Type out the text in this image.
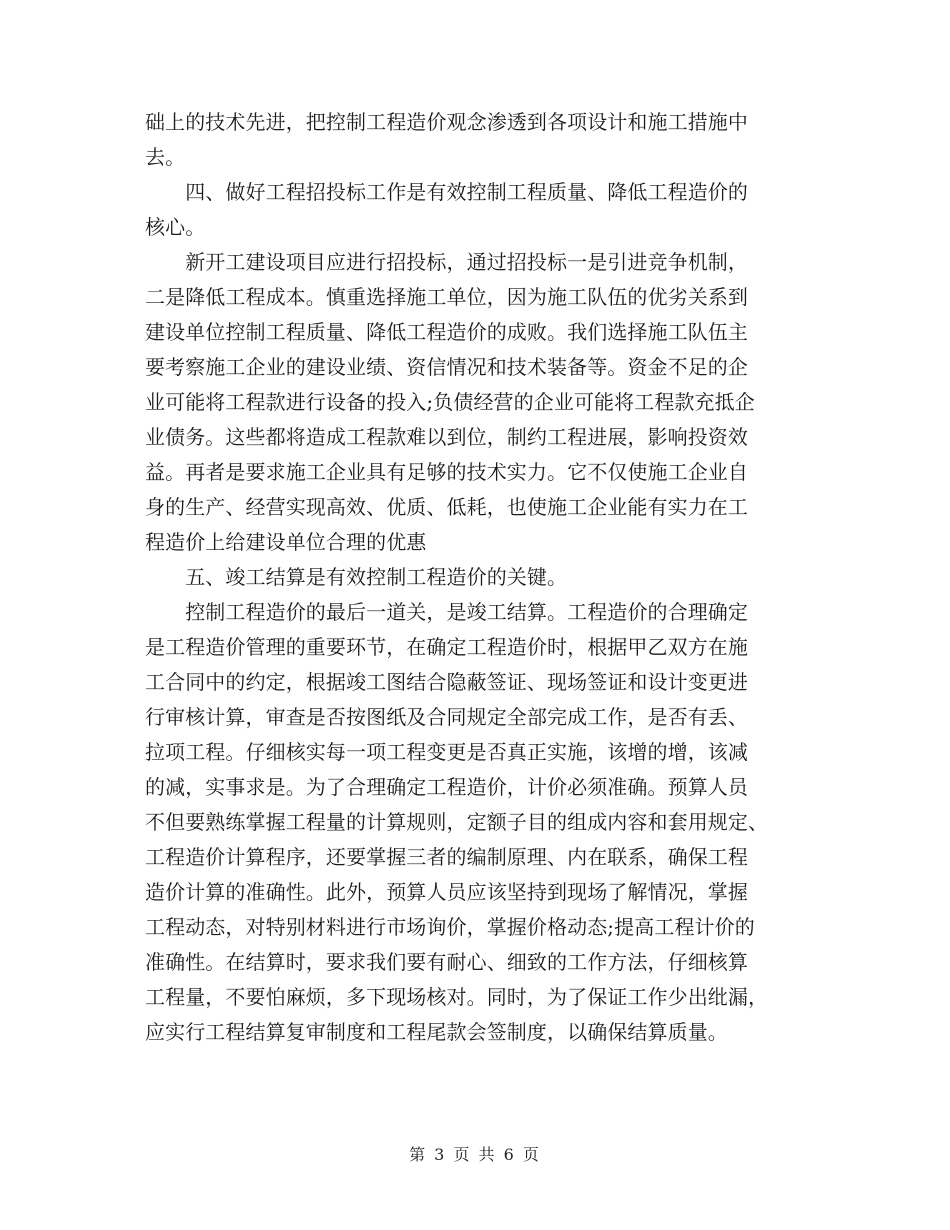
础上的技术先进，把控制工程造价观念渗透到各项设计和施工措施中
去。
　　四、做好工程招投标工作是有效控制工程质量、降低工程造价的
核心。
　　新开工建设项目应进行招投标，通过招投标一是引进竞争机制，
二是降低工程成本。慎重选择施工单位，因为施工队伍的优劣关系到
建设单位控制工程质量、降低工程造价的成败。我们选择施工队伍主
要考察施工企业的建设业绩、资信情况和技术装备等。资金不足的企
业可能将工程款进行设备的投入;负债经营的企业可能将工程款充抵企
业债务。这些都将造成工程款难以到位，制约工程进展，影响投资效
益。再者是要求施工企业具有足够的技术实力。它不仅使施工企业自
身的生产、经营实现高效、优质、低耗，也使施工企业能有实力在工
程造价上给建设单位合理的优惠
　　五、竣工结算是有效控制工程造价的关键。
　　控制工程造价的最后一道关，是竣工结算。工程造价的合理确定
是工程造价管理的重要环节，在确定工程造价时，根据甲乙双方在施
工合同中的约定，根据竣工图结合隐蔽签证、现场签证和设计变更进
行审核计算，审查是否按图纸及合同规定全部完成工作，是否有丢、
拉项工程。仔细核实每一项工程变更是否真正实施，该增的增，该减
的减，实事求是。为了合理确定工程造价，计价必须准确。预算人员
不但要熟练掌握工程量的计算规则，定额子目的组成内容和套用规定、
工程造价计算程序，还要掌握三者的编制原理、内在联系，确保工程
造价计算的准确性。此外，预算人员应该坚持到现场了解情况，掌握
工程动态，对特别材料进行市场询价，掌握价格动态;提高工程计价的
准确性。在结算时，要求我们要有耐心、细致的工作方法，仔细核算
工程量，不要怕麻烦，多下现场核对。同时，为了保证工作少出纰漏，
应实行工程结算复审制度和工程尾款会签制度，以确保结算质量。
第 3 页 共 6 页
